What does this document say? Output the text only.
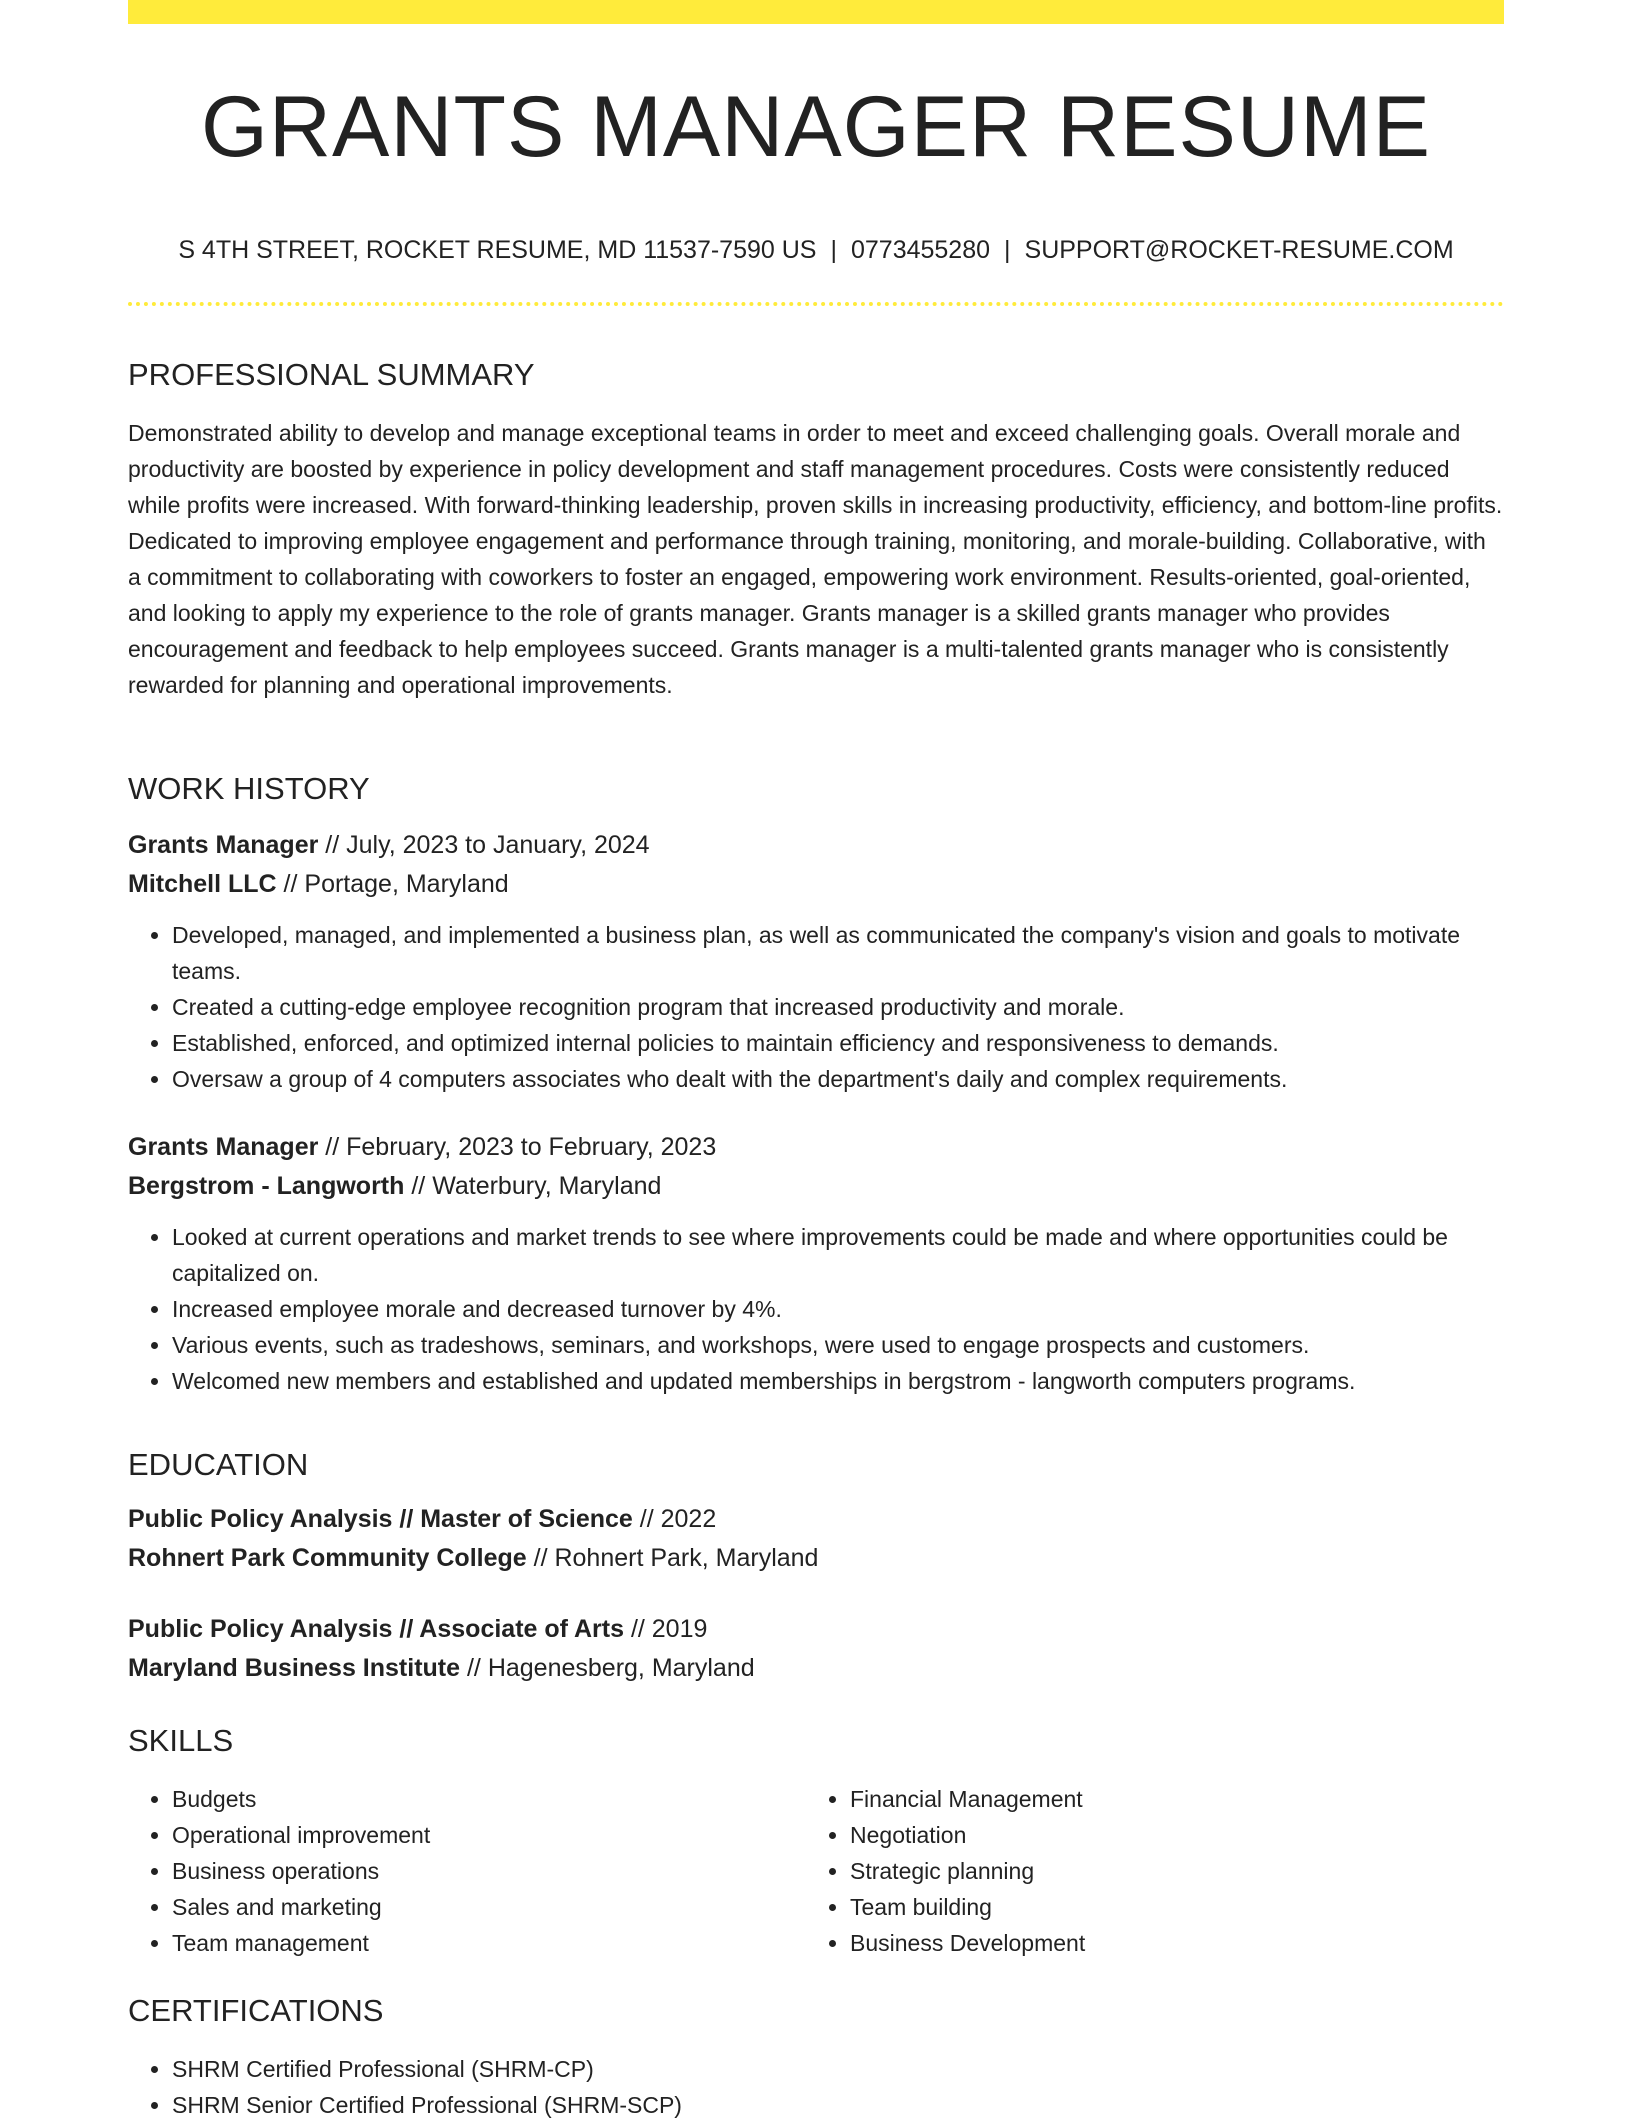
GRANTS MANAGER RESUME
S 4TH STREET, ROCKET RESUME, MD 11537-7590 US | 0773455280 | SUPPORT@ROCKET-RESUME.COM
PROFESSIONAL SUMMARY

Demonstrated ability to develop and manage exceptional teams in order to meet and exceed challenging goals. Overall morale and productivity are boosted by experience in policy development and staff management procedures. Costs were consistently reduced while profits were increased. With forward-thinking leadership, proven skills in increasing productivity, efficiency, and bottom-line profits. Dedicated to improving employee engagement and performance through training, monitoring, and morale-building. Collaborative, with a commitment to collaborating with coworkers to foster an engaged, empowering work environment. Results-oriented, goal-oriented, and looking to apply my experience to the role of grants manager. Grants manager is a skilled grants manager who provides encouragement and feedback to help employees succeed. Grants manager is a multi-talented grants manager who is consistently rewarded for planning and operational improvements.

WORK HISTORY

Grants Manager // July, 2023 to January, 2024

Mitchell LLC // Portage, Maryland

• Developed, managed, and implemented a business plan, as well as communicated the company's vision and goals to motivate teams.
• Created a cutting-edge employee recognition program that increased productivity and morale.
• Established, enforced, and optimized internal policies to maintain efficiency and responsiveness to demands.
• Oversaw a group of 4 computers associates who dealt with the department's daily and complex requirements.

Grants Manager // February, 2023 to February, 2023

Bergstrom - Langworth // Waterbury, Maryland

• Looked at current operations and market trends to see where improvements could be made and where opportunities could be capitalized on.
• Increased employee morale and decreased turnover by 4%.
• Various events, such as tradeshows, seminars, and workshops, were used to engage prospects and customers.
• Welcomed new members and established and updated memberships in bergstrom - langworth computers programs.
EDUCATION

Public Policy Analysis // Master of Science // 2022

Rohnert Park Community College // Rohnert Park, Maryland

Public Policy Analysis // Associate of Arts // 2019

Maryland Business Institute // Hagenesberg, Maryland

SKILLS
• Budgets
• Operational improvement
• Business operations
• Sales and marketing
• Team management
• Financial Management
• Negotiation
• Strategic planning
• Team building
• Business Development
CERTIFICATIONS
• SHRM Certified Professional (SHRM-CP)
• SHRM Senior Certified Professional (SHRM-SCP)
